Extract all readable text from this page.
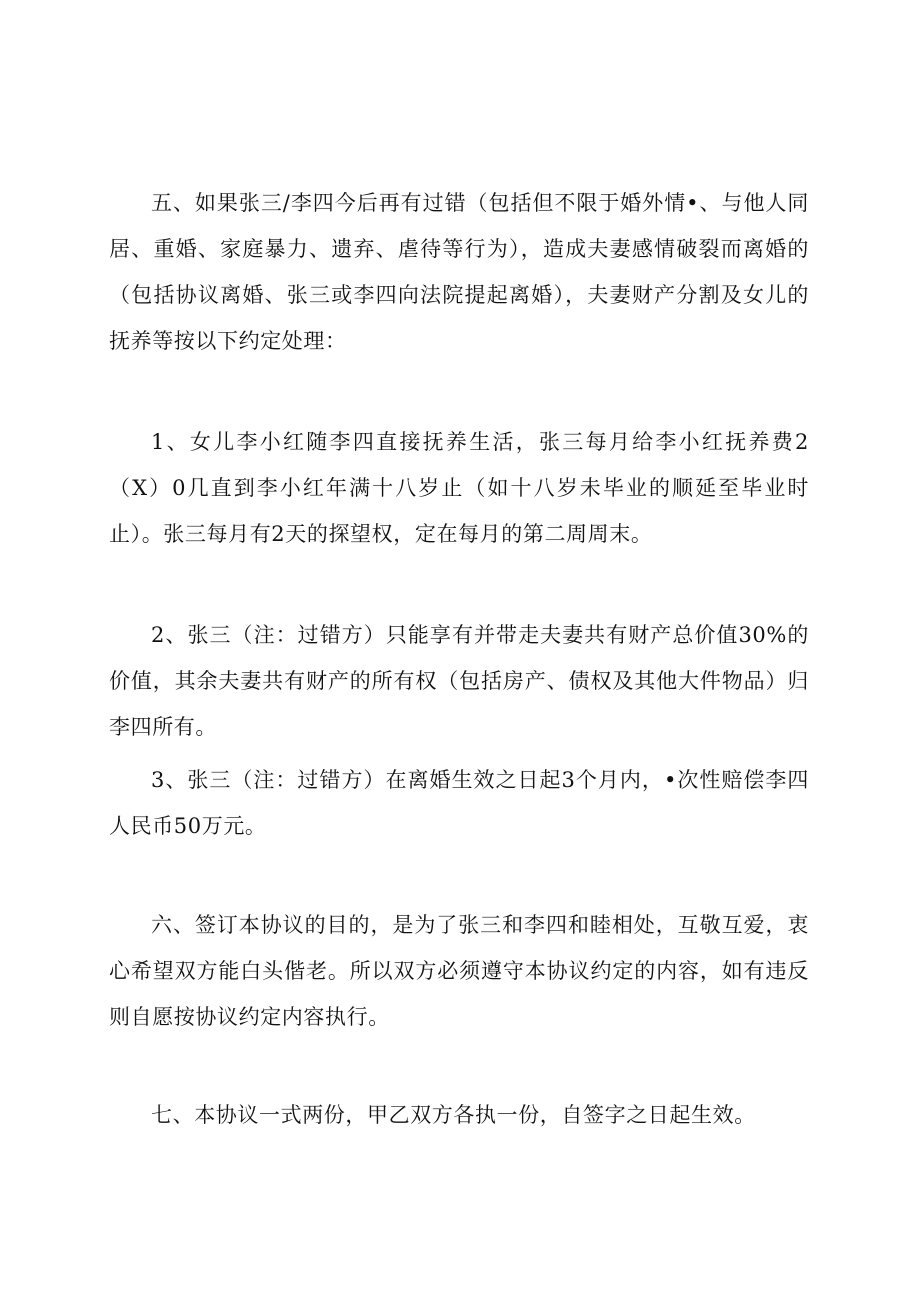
五、如果张三/李四今后再有过错（包括但不限于婚外情•、与他人同居、重婚、家庭暴力、遗弃、虐待等行为），造成夫妻感情破裂而离婚的（包括协议离婚、张三或李四向法院提起离婚），夫妻财产分割及女儿的抚养等按以下约定处理：

1、女儿李小红随李四直接抚养生活，张三每月给李小红抚养费2（X）0几直到李小红年满十八岁止（如十八岁未毕业的顺延至毕业时止）。张三每月有2天的探望权，定在每月的第二周周末。

2、张三（注：过错方）只能享有并带走夫妻共有财产总价值30%的价值，其余夫妻共有财产的所有权（包括房产、债权及其他大件物品）归李四所有。

3、张三（注：过错方）在离婚生效之日起3个月内，•次性赔偿李四人民币50万元。

六、签订本协议的目的，是为了张三和李四和睦相处，互敬互爱，衷心希望双方能白头偕老。所以双方必须遵守本协议约定的内容，如有违反则自愿按协议约定内容执行。

七、本协议一式两份，甲乙双方各执一份，自签字之日起生效。
